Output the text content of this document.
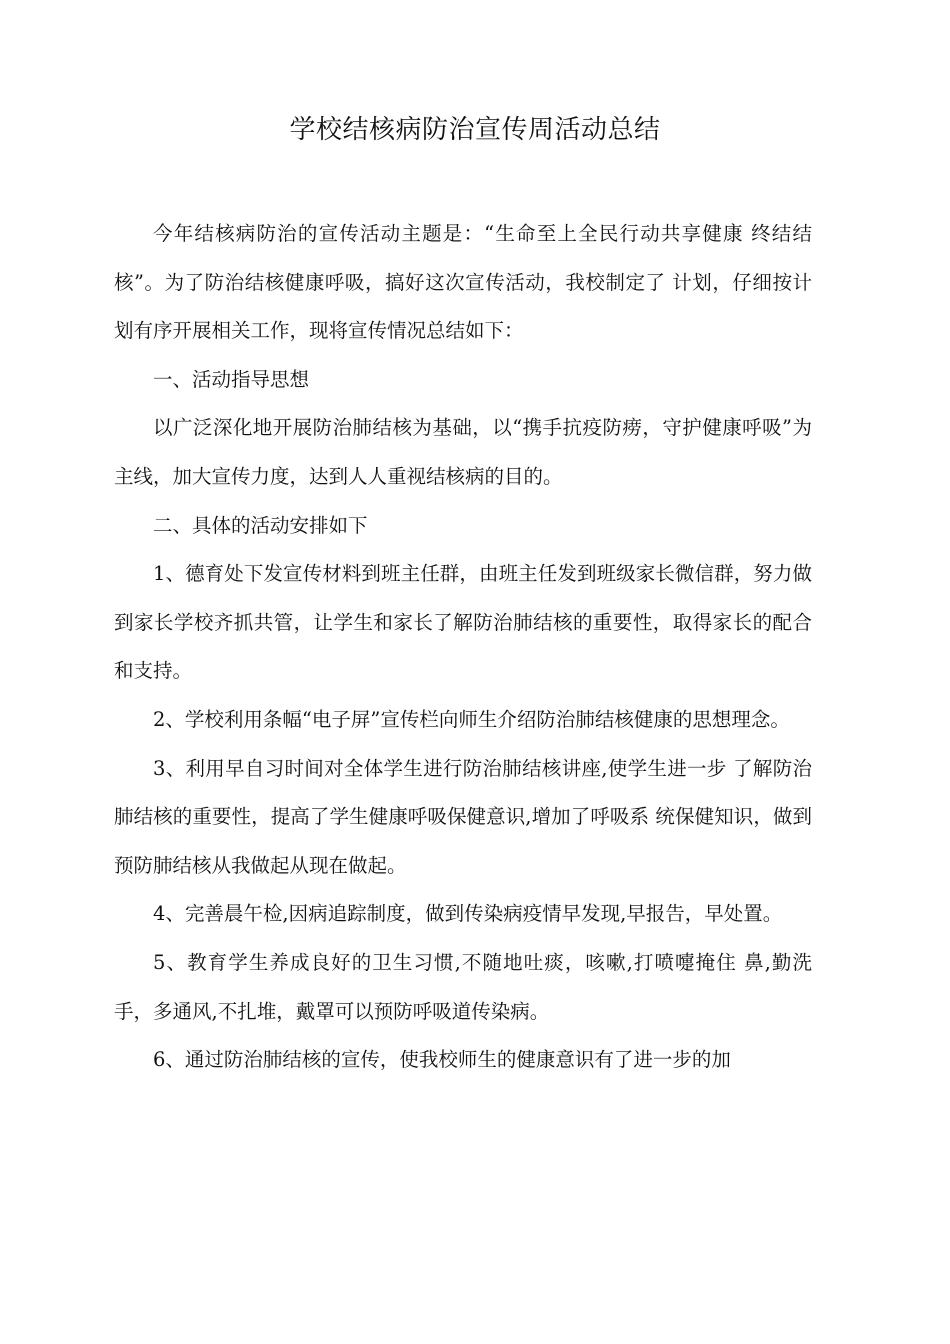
学校结核病防治宣传周活动总结

今年结核病防治的宣传活动主题是：“生命至上全民行动共享健康 终结结核”。为了防治结核健康呼吸，搞好这次宣传活动，我校制定了 计划，仔细按计划有序开展相关工作，现将宣传情况总结如下：

一、活动指导思想

以广泛深化地开展防治肺结核为基础，以“携手抗疫防痨，守护健康呼吸”为主线，加大宣传力度，达到人人重视结核病的目的。

二、具体的活动安排如下

1、德育处下发宣传材料到班主任群，由班主任发到班级家长微信群，努力做到家长学校齐抓共管，让学生和家长了解防治肺结核的重要性，取得家长的配合和支持。

2、学校利用条幅“电子屏”宣传栏向师生介绍防治肺结核健康的思想理念。

3、利用早自习时间对全体学生进行防治肺结核讲座,使学生进一步 了解防治肺结核的重要性，提高了学生健康呼吸保健意识,增加了呼吸系 统保健知识，做到预防肺结核从我做起从现在做起。

4、完善晨午检,因病追踪制度，做到传染病疫情早发现,早报告，早处置。

5、教育学生养成良好的卫生习惯,不随地吐痰，咳嗽,打喷嚏掩住 鼻,勤洗手，多通风,不扎堆，戴罩可以预防呼吸道传染病。

6、通过防治肺结核的宣传，使我校师生的健康意识有了进一步的加
